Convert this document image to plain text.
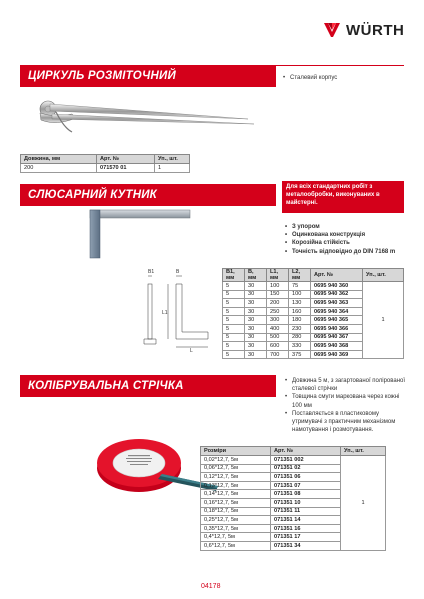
WÜRTH
ЦИРКУЛЬ РОЗМІТОЧНИЙ	• Сталевий корпус
Довжина, мм	Арт. №	Уп., шт.
200	071570 01	1
СЛЮСАРНИЙ КУТНИК
Для всіх стандартних робіт з металообробки, виконуваних в майстерні.
• З упором
• Оцинкована конструкція
• Корозійна стійкість
• Точність відповідно до DIN 7168 m
B1	B
L1
L
B1, мм	B, мм	L1, мм	L2, мм	Арт. №	Уп., шт.
5	30	100	75	0695 940 360	1
5	30	150	100	0695 940 362	
5	30	200	130	0695 940 363	
5	30	250	160	0695 940 364	
5	30	300	180	0695 940 365	
5	30	400	230	0695 940 366	
5	30	500	280	0695 940 367	
5	30	600	330	0695 940 368	
5	30	700	375	0695 940 369	
КОЛІБРУВАЛЬНА СТРІЧКА	• Довжина 5 м, з загартованої полірованої сталевої стрічки
• Товщина смуги маркована через кожні 100 мм
• Поставляється в пластиковому утримувачі з практичним механізмом намотування і розмотування.
Розміри	Арт. №	Уп., шт.
0,02*12,7, 5м	071351 002	1
0,06*12,7, 5м	071351 02	
0,12*12,7, 5м	071351 06	
0,13*12,7, 5м	071351 07	
0,14*12,7, 5м	071351 08	
0,16*12,7, 5м	071351 10	
0,18*12,7, 5м	071351 11	
0,25*12,7, 5м	071351 14	
0,35*12,7, 5м	071351 16	
0,4*12,7, 5м	071351 17	
0,6*12,7, 5м	071351 34	
04178
